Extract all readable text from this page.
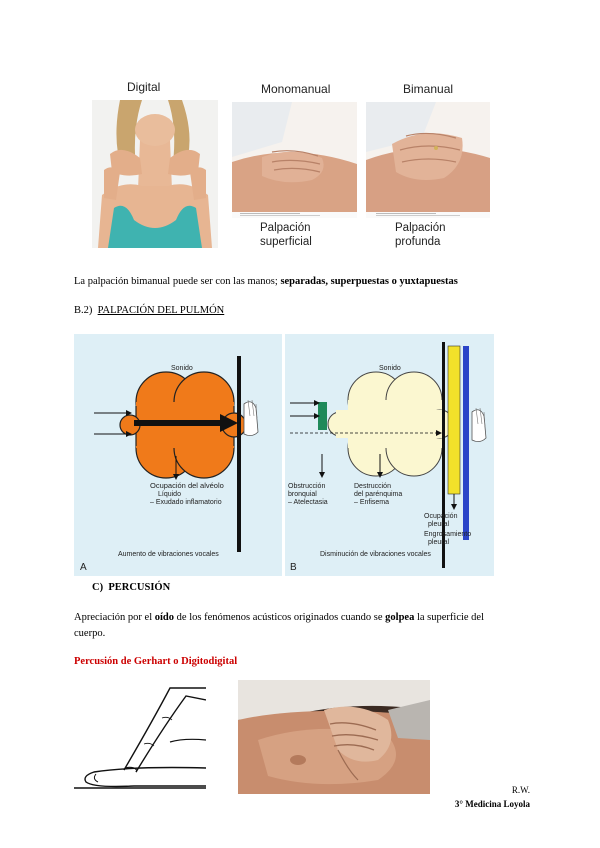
Digital	Monomanual	Bimanual
Palpación
superficial
Palpación
profunda
La palpación bimanual puede ser con las manos; separadas, superpuestas o yuxtapuestas
B.2) PALPACIÓN DEL PULMÓN
Sonido
Ocupación del alvéolo
Líquido
– Exudado inflamatorio
Aumento de vibraciones vocales
A
Sonido
Obstrucción
bronquial
– Atelectasia
Destrucción
del parénquima
– Enfisema
Ocupación
pleural
Engrosamiento
pleural
Disminución de vibraciones vocales
B
C) PERCUSIÓN
Apreciación por el oído de los fenómenos acústicos originados cuando se golpea la superficie del
cuerpo.
Percusión de Gerhart o Digitodigital
R.W.
3° Medicina Loyola
